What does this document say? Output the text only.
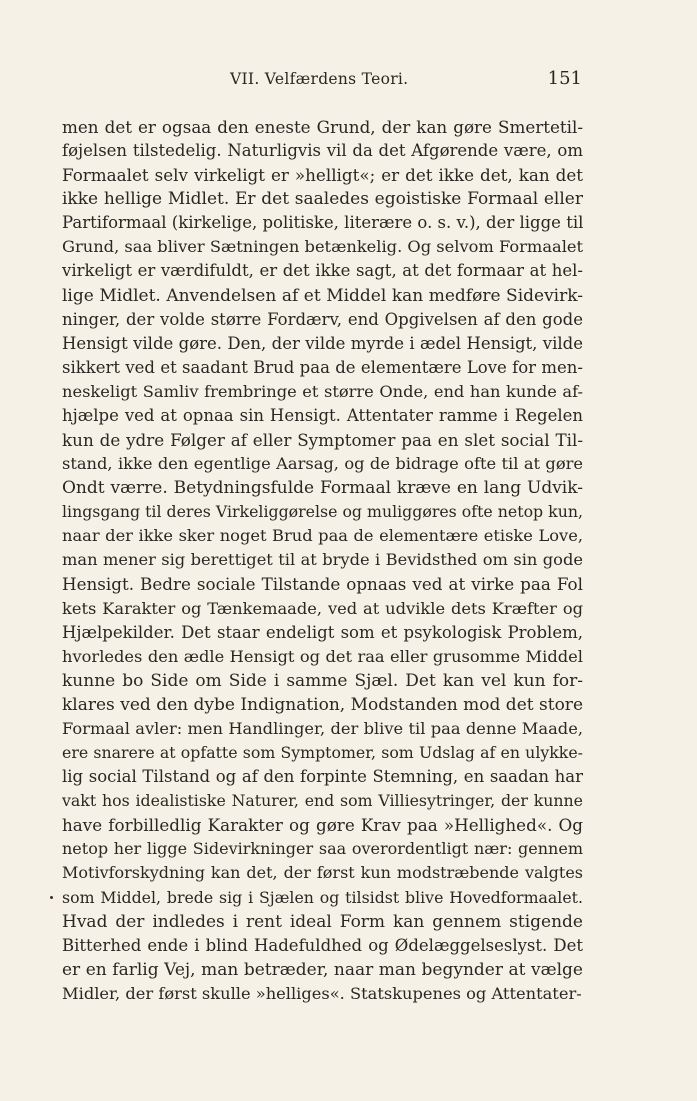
VII. Velfærdens Teori.	151
men det er ogsaa den eneste Grund, der kan gøre Smertetil-
føjelsen tilstedelig. Naturligvis vil da det Afgørende være, om
Formaalet selv virkeligt er »helligt«; er det ikke det, kan det
ikke hellige Midlet. Er det saaledes egoistiske Formaal eller
Partiformaal (kirkelige, politiske, literære o. s. v.), der ligge til
Grund, saa bliver Sætningen betænkelig. Og selvom Formaalet
virkeligt er værdifuldt, er det ikke sagt, at det formaar at hel-
lige Midlet. Anvendelsen af et Middel kan medføre Sidevirk-
ninger, der volde større Fordærv, end Opgivelsen af den gode
Hensigt vilde gøre. Den, der vilde myrde i ædel Hensigt, vilde
sikkert ved et saadant Brud paa de elementære Love for men-
neskeligt Samliv frembringe et større Onde, end han kunde af-
hjælpe ved at opnaa sin Hensigt. Attentater ramme i Regelen
kun de ydre Følger af eller Symptomer paa en slet social Til-
stand, ikke den egentlige Aarsag, og de bidrage ofte til at gøre
Ondt værre. Betydningsfulde Formaal kræve en lang Udvik-
lingsgang til deres Virkeliggørelse og muliggøres ofte netop kun,
naar der ikke sker noget Brud paa de elementære etiske Love,
man mener sig berettiget til at bryde i Bevidsthed om sin gode
Hensigt. Bedre sociale Tilstande opnaas ved at virke paa Fol
kets Karakter og Tænkemaade, ved at udvikle dets Kræfter og
Hjælpekilder. Det staar endeligt som et psykologisk Problem,
hvorledes den ædle Hensigt og det raa eller grusomme Middel
kunne bo Side om Side i samme Sjæl. Det kan vel kun for-
klares ved den dybe Indignation, Modstanden mod det store
Formaal avler: men Handlinger, der blive til paa denne Maade,
ere snarere at opfatte som Symptomer, som Udslag af en ulykke-
lig social Tilstand og af den forpinte Stemning, en saadan har
vakt hos idealistiske Naturer, end som Villiesytringer, der kunne
have forbilledlig Karakter og gøre Krav paa »Hellighed«. Og
netop her ligge Sidevirkninger saa overordentligt nær: gennem
Motivforskydning kan det, der først kun modstræbende valgtes
som Middel, brede sig i Sjælen og tilsidst blive Hovedformaalet.
Hvad der indledes i rent ideal Form kan gennem stigende
Bitterhed ende i blind Hadefuldhed og Ødelæggelseslyst. Det
er en farlig Vej, man betræder, naar man begynder at vælge
Midler, der først skulle »helliges«. Statskupenes og Attentater-
